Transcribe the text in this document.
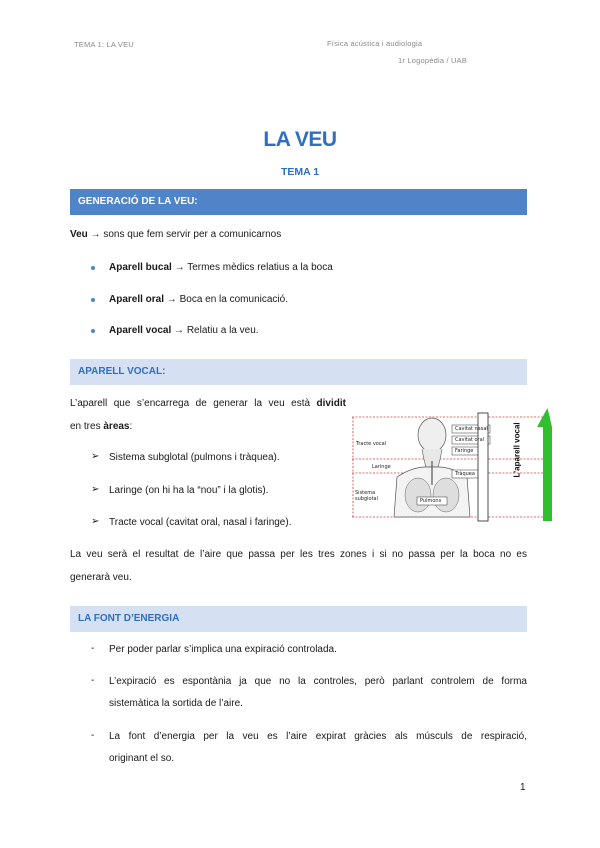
TEMA 1: LA VEU	Física acústica i audiologia
1r Logopèdia / UAB
LA VEU
TEMA 1
GENERACIÓ DE LA VEU:
Veu → sons que fem servir per a comunicarnos
Aparell bucal → Termes mèdics relatius a la boca
Aparell oral → Boca en la comunicació.
Aparell vocal → Relatiu a la veu.
APARELL VOCAL:
L’aparell que s’encarrega de generar la veu està dividit
en tres àreas:
➢ Sistema subglotal (pulmons i tràquea).
➢ Laringe (on hi ha la “nou” i la glotis).
➢ Tracte vocal (cavitat oral, nasal i faringe).
Cavitat nasal
Cavitat oral
Faringe
Tràquea
Pulmons
Tracte vocal
Laringe
Sistema subglotal
L’aparell vocal
La veu serà el resultat de l’aire que passa per les tres zones i si no passa per la boca no es
generarà veu.
LA FONT D’ENERGIA
- Per poder parlar s’implica una expiració controlada.
- L’expiració es espontània ja que no la controles, però parlant controlem de forma
sistemàtica la sortida de l’aire.
- La font d’energia per la veu es l’aire expirat gràcies als músculs de respiració,
originant el so.
1
